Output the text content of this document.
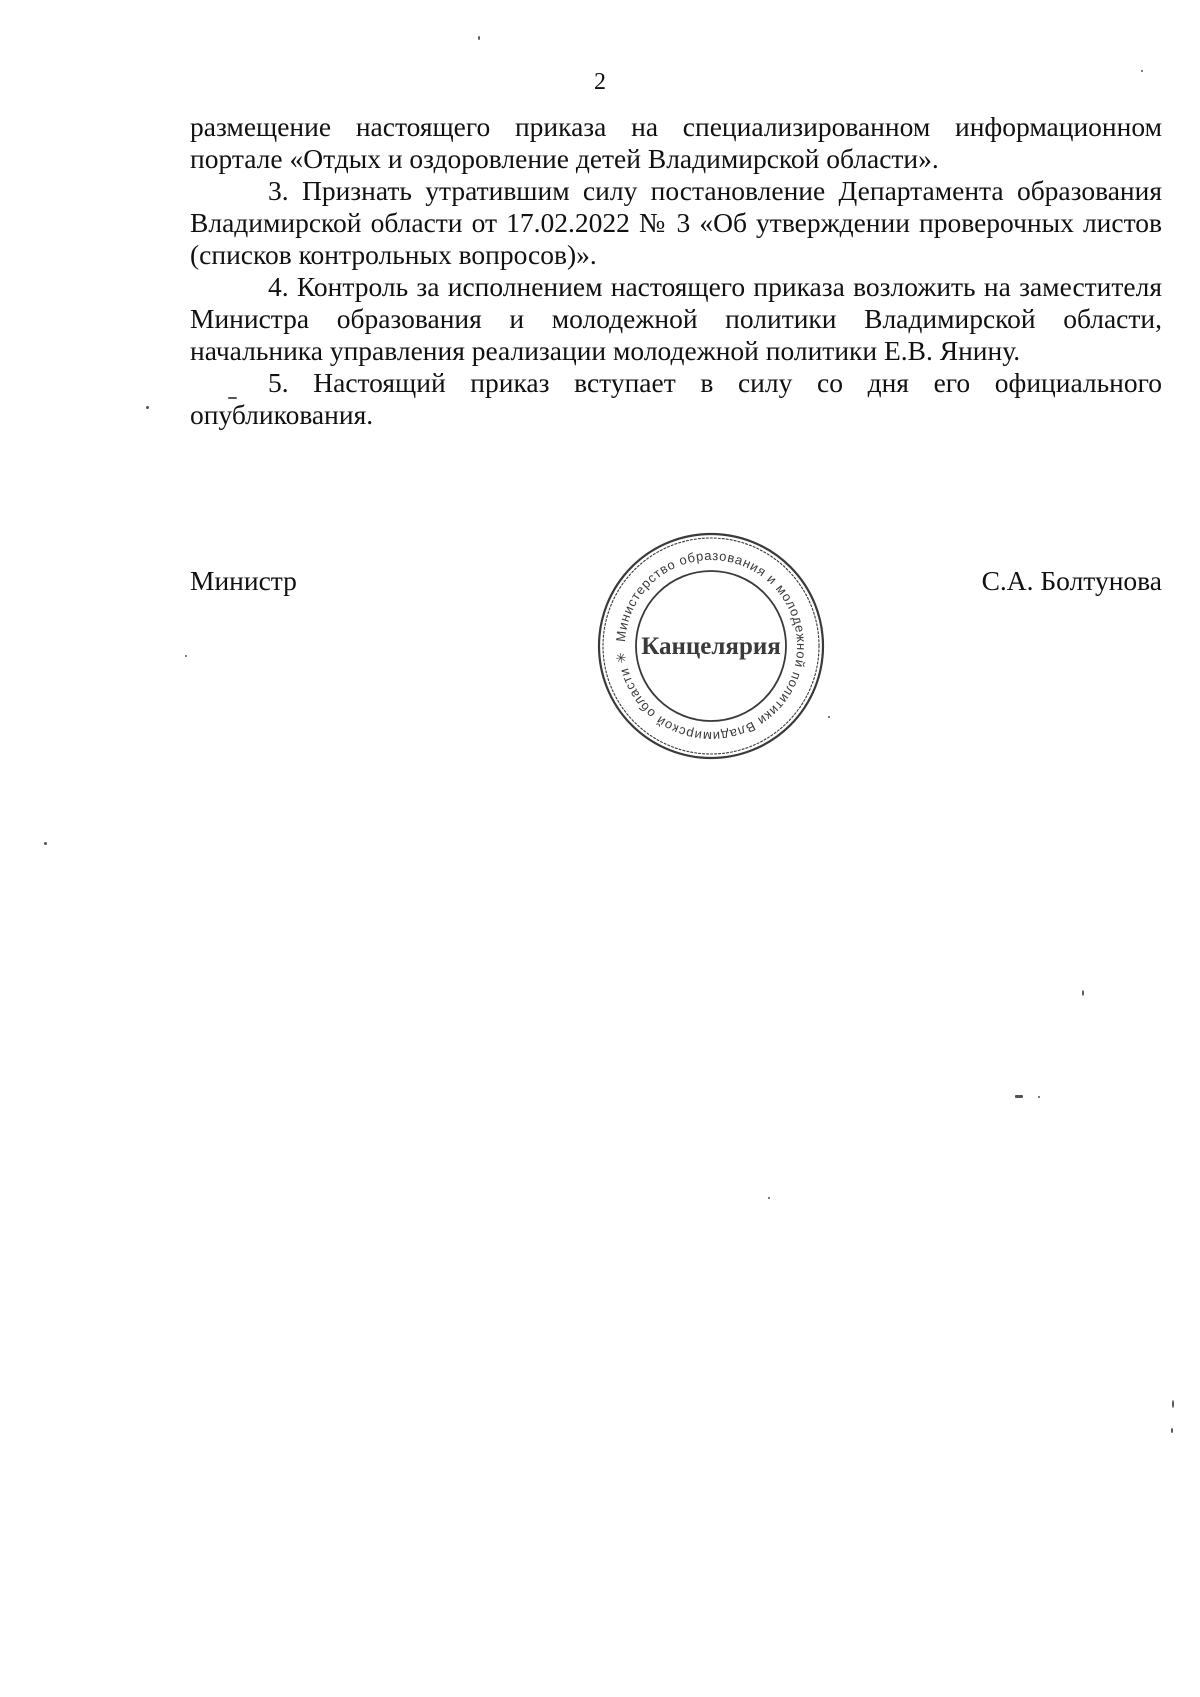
2

размещение настоящего приказа на специализированном информационном портале «Отдых и оздоровление детей Владимирской области».

3. Признать утратившим силу постановление Департамента образования Владимирской области от 17.02.2022 № 3 «Об утверждении проверочных листов (списков контрольных вопросов)».

4. Контроль за исполнением настоящего приказа возложить на заместителя Министра образования и молодежной политики Владимирской области, начальника управления реализации молодежной политики Е.В. Янину.

5. Настоящий приказ вступает в силу со дня его официального опубликования.

Министр	С.А. Болтунова
Министерство образования и молодежной политики Владимирской области ✳ Канцелярия
